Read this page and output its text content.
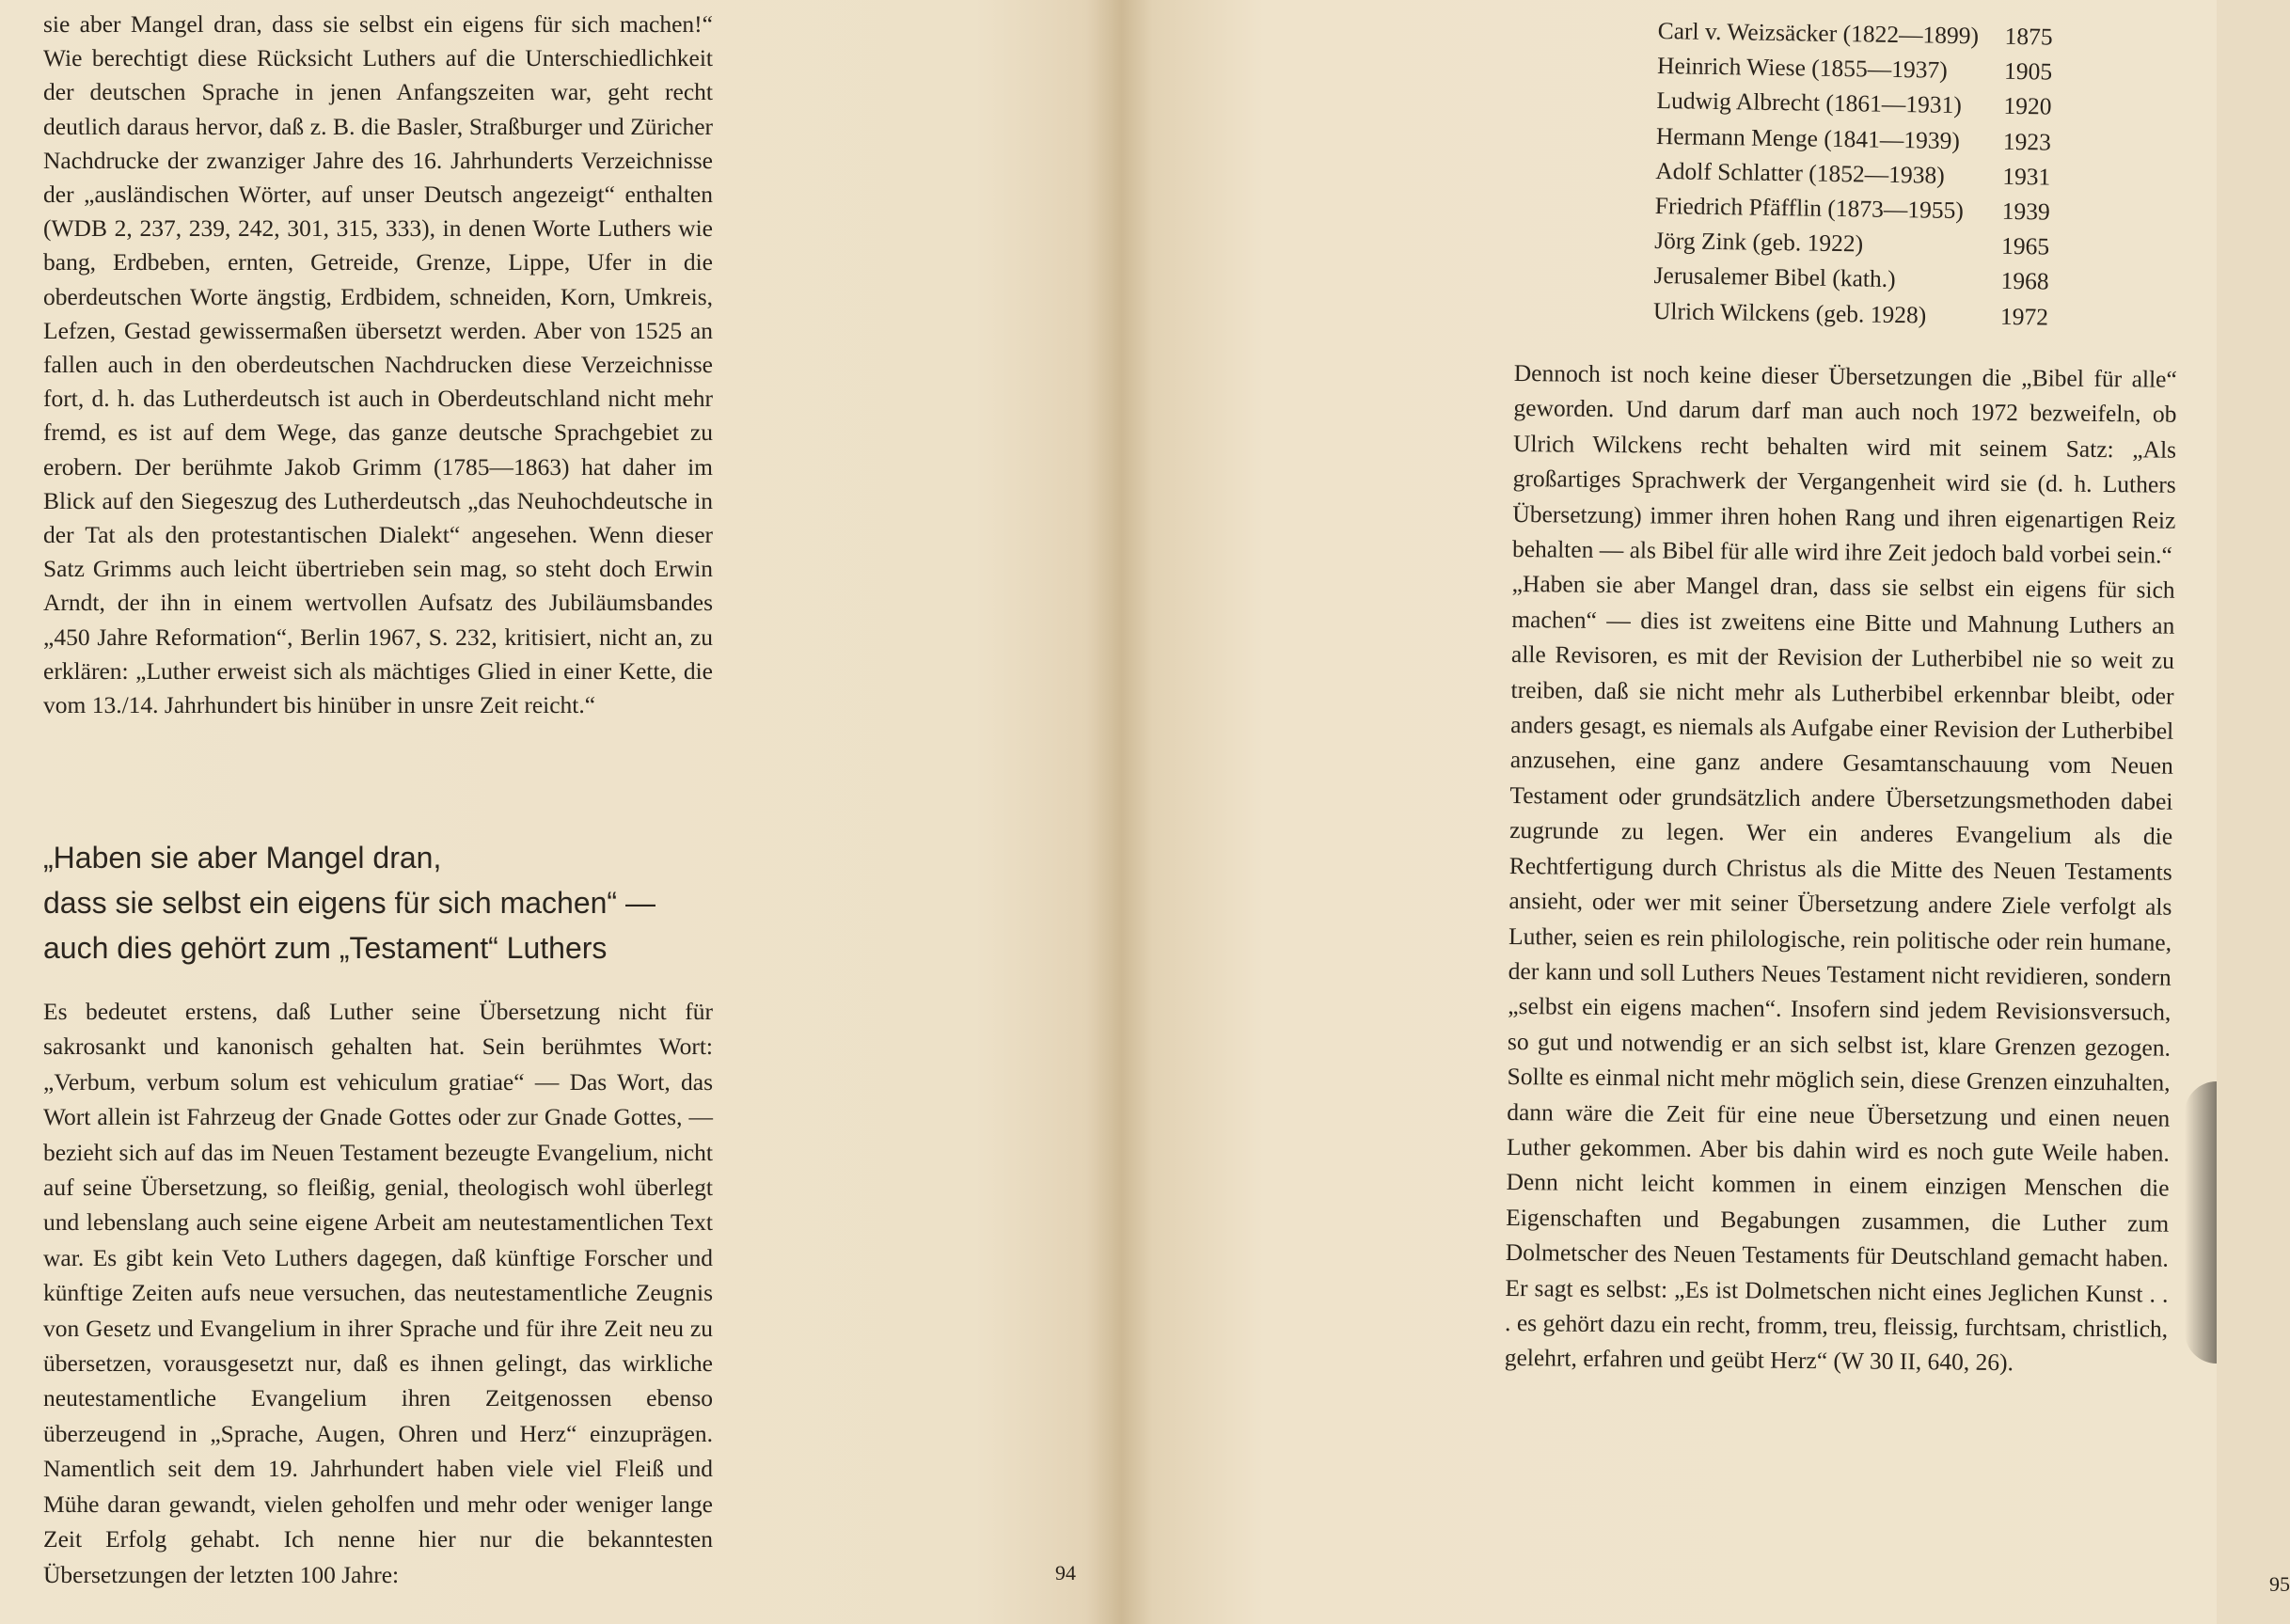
sie aber Mangel dran, dass sie selbst ein eigens für sich machen!“ Wie berechtigt diese Rücksicht Luthers auf die Unterschiedlichkeit der deutschen Sprache in jenen Anfangszeiten war, geht recht deutlich daraus hervor, daß z. B. die Basler, Straßburger und Züricher Nachdrucke der zwanziger Jahre des 16. Jahrhunderts Verzeichnisse der „ausländischen Wörter, auf unser Deutsch angezeigt“ enthalten (WDB 2, 237, 239, 242, 301, 315, 333), in denen Worte Luthers wie bang, Erdbeben, ernten, Getreide, Grenze, Lippe, Ufer in die oberdeutschen Worte ängstig, Erdbidem, schneiden, Korn, Umkreis, Lefzen, Gestad gewissermaßen übersetzt werden. Aber von 1525 an fallen auch in den oberdeutschen Nachdrucken diese Verzeichnisse fort, d. h. das Lutherdeutsch ist auch in Oberdeutschland nicht mehr fremd, es ist auf dem Wege, das ganze deutsche Sprachgebiet zu erobern. Der berühmte Jakob Grimm (1785—1863) hat daher im Blick auf den Siegeszug des Lutherdeutsch „das Neuhochdeutsche in der Tat als den protestantischen Dialekt“ angesehen. Wenn dieser Satz Grimms auch leicht übertrieben sein mag, so steht doch Erwin Arndt, der ihn in einem wertvollen Aufsatz des Jubiläumsbandes „450 Jahre Reformation“, Berlin 1967, S. 232, kritisiert, nicht an, zu erklären: „Luther erweist sich als mächtiges Glied in einer Kette, die vom 13./14. Jahrhundert bis hinüber in unsre Zeit reicht.“

„Haben sie aber Mangel dran,
dass sie selbst ein eigens für sich machen“ —
auch dies gehört zum „Testament“ Luthers

Es bedeutet erstens, daß Luther seine Übersetzung nicht für sakrosankt und kanonisch gehalten hat. Sein berühmtes Wort: „Verbum, verbum solum est vehiculum gratiae“ — Das Wort, das Wort allein ist Fahrzeug der Gnade Gottes oder zur Gnade Gottes, — bezieht sich auf das im Neuen Testament bezeugte Evangelium, nicht auf seine Übersetzung, so fleißig, genial, theologisch wohl überlegt und lebenslang auch seine eigene Arbeit am neutestamentlichen Text war. Es gibt kein Veto Luthers dagegen, daß künftige Forscher und künftige Zeiten aufs neue versuchen, das neutestamentliche Zeugnis von Gesetz und Evangelium in ihrer Sprache und für ihre Zeit neu zu übersetzen, vorausgesetzt nur, daß es ihnen gelingt, das wirkliche neutestamentliche Evangelium ihren Zeitgenossen ebenso überzeugend in „Sprache, Augen, Ohren und Herz“ einzuprägen. Namentlich seit dem 19. Jahrhundert haben viele viel Fleiß und Mühe daran gewandt, vielen geholfen und mehr oder weniger lange Zeit Erfolg gehabt. Ich nenne hier nur die bekanntesten Übersetzungen der letzten 100 Jahre:	94	95
Carl v. Weizsäcker (1822—1899)	1875
Heinrich Wiese (1855—1937)	1905
Ludwig Albrecht (1861—1931)	1920
Hermann Menge (1841—1939)	1923
Adolf Schlatter (1852—1938)	1931
Friedrich Pfäfflin (1873—1955)	1939
Jörg Zink (geb. 1922)	1965
Jerusalemer Bibel (kath.)	1968
Ulrich Wilckens (geb. 1928)	1972

Dennoch ist noch keine dieser Übersetzungen die „Bibel für alle“ geworden. Und darum darf man auch noch 1972 bezweifeln, ob Ulrich Wilckens recht behalten wird mit seinem Satz: „Als großartiges Sprachwerk der Vergangenheit wird sie (d. h. Luthers Übersetzung) immer ihren hohen Rang und ihren eigenartigen Reiz behalten — als Bibel für alle wird ihre Zeit jedoch bald vorbei sein.“

„Haben sie aber Mangel dran, dass sie selbst ein eigens für sich machen“ — dies ist zweitens eine Bitte und Mahnung Luthers an alle Revisoren, es mit der Revision der Lutherbibel nie so weit zu treiben, daß sie nicht mehr als Lutherbibel erkennbar bleibt, oder anders gesagt, es niemals als Aufgabe einer Revision der Lutherbibel anzusehen, eine ganz andere Gesamtanschauung vom Neuen Testament oder grundsätzlich andere Übersetzungsmethoden dabei zugrunde zu legen. Wer ein anderes Evangelium als die Rechtfertigung durch Christus als die Mitte des Neuen Testaments ansieht, oder wer mit seiner Übersetzung andere Ziele verfolgt als Luther, seien es rein philologische, rein politische oder rein humane, der kann und soll Luthers Neues Testament nicht revidieren, sondern „selbst ein eigens machen“. Insofern sind jedem Revisionsversuch, so gut und notwendig er an sich selbst ist, klare Grenzen gezogen. Sollte es einmal nicht mehr möglich sein, diese Grenzen einzuhalten, dann wäre die Zeit für eine neue Übersetzung und einen neuen Luther gekommen. Aber bis dahin wird es noch gute Weile haben. Denn nicht leicht kommen in einem einzigen Menschen die Eigenschaften und Begabungen zusammen, die Luther zum Dolmetscher des Neuen Testaments für Deutschland gemacht haben. Er sagt es selbst: „Es ist Dolmetschen nicht eines Jeglichen Kunst . . . es gehört dazu ein recht, fromm, treu, fleissig, furchtsam, christlich, gelehrt, erfahren und geübt Herz“ (W 30 II, 640, 26).
